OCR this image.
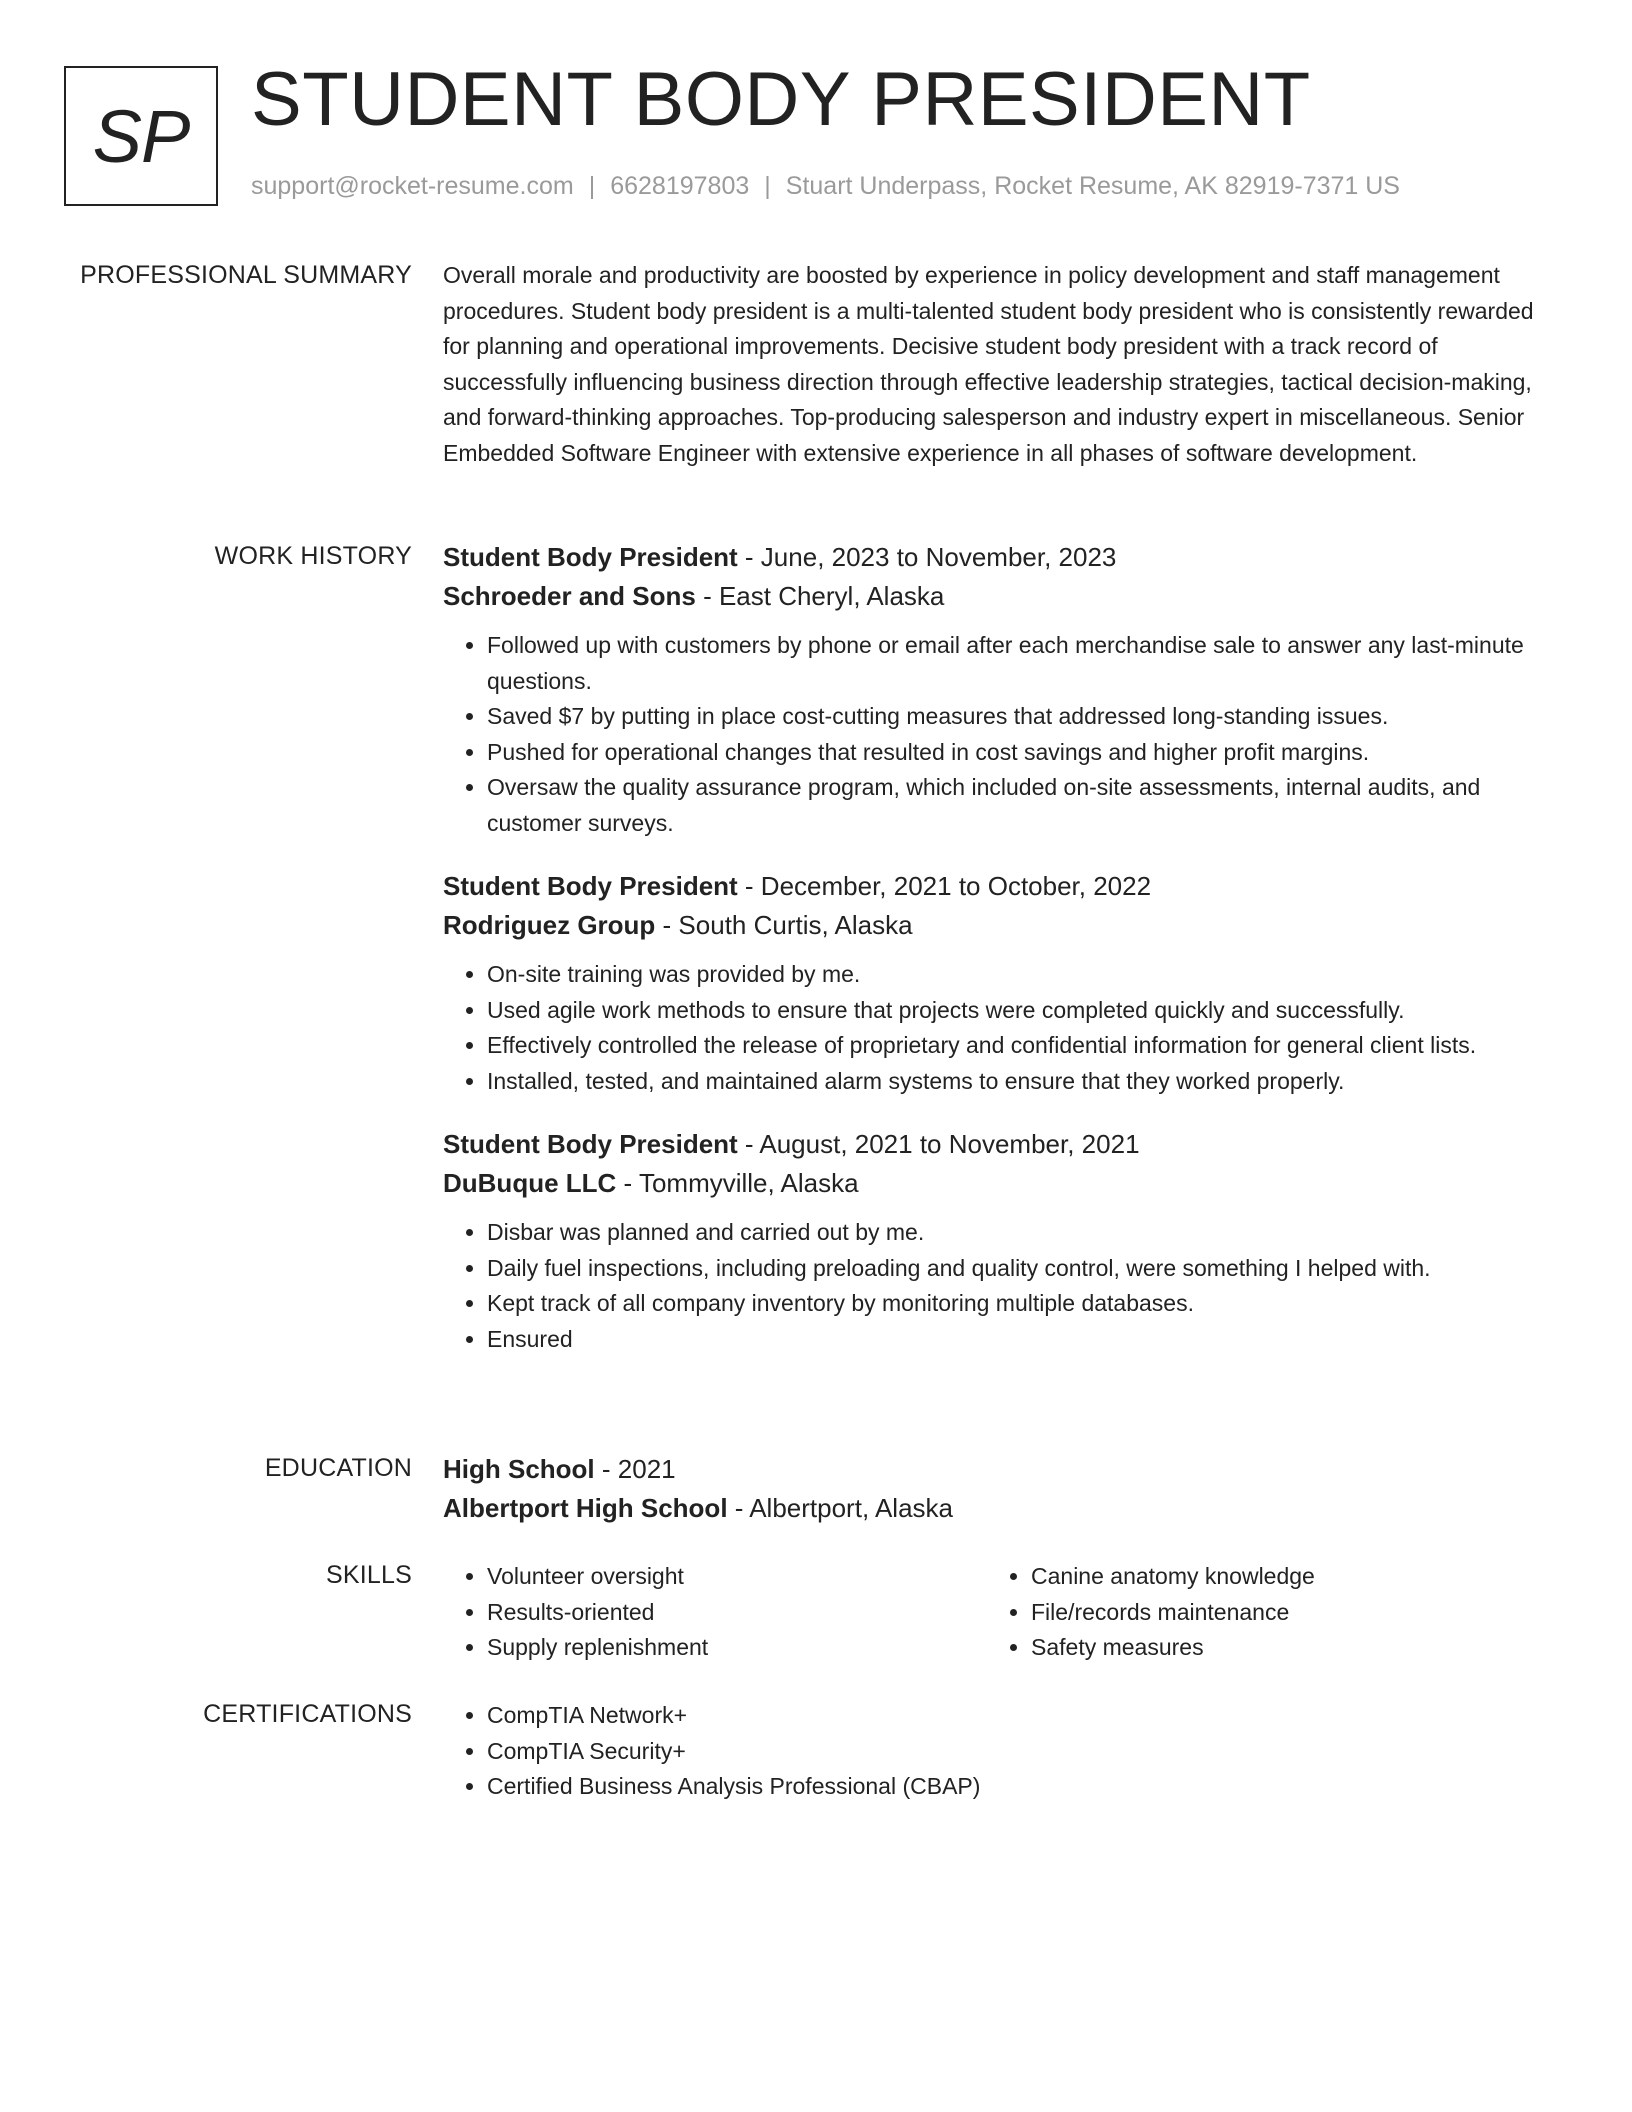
SP STUDENT BODY PRESIDENT
support@rocket-resume.com | 6628197803 | Stuart Underpass, Rocket Resume, AK 82919-7371 US
PROFESSIONAL SUMMARY Overall morale and productivity are boosted by experience in policy development and staff management procedures. Student body president is a multi-talented student body president who is consistently rewarded for planning and operational improvements. Decisive student body president with a track record of successfully influencing business direction through effective leadership strategies, tactical decision-making, and forward-thinking approaches. Top-producing salesperson and industry expert in miscellaneous. Senior Embedded Software Engineer with extensive experience in all phases of software development.

WORK HISTORY Student Body President - June, 2023 to November, 2023
Schroeder and Sons - East Cheryl, Alaska
• Followed up with customers by phone or email after each merchandise sale to answer any last-minute questions.
• Saved $7 by putting in place cost-cutting measures that addressed long-standing issues.
• Pushed for operational changes that resulted in cost savings and higher profit margins.
• Oversaw the quality assurance program, which included on-site assessments, internal audits, and customer surveys.
Student Body President - December, 2021 to October, 2022
Rodriguez Group - South Curtis, Alaska
• On-site training was provided by me.
• Used agile work methods to ensure that projects were completed quickly and successfully.
• Effectively controlled the release of proprietary and confidential information for general client lists.
• Installed, tested, and maintained alarm systems to ensure that they worked properly.
Student Body President - August, 2021 to November, 2021
DuBuque LLC - Tommyville, Alaska
• Disbar was planned and carried out by me.
• Daily fuel inspections, including preloading and quality control, were something I helped with.
• Kept track of all company inventory by monitoring multiple databases.
• Ensured
EDUCATION High School - 2021
Albertport High School - Albertport, Alaska
SKILLS	• Volunteer oversight
• Results-oriented
• Supply replenishment
• Canine anatomy knowledge
• File/records maintenance
• Safety measures
CERTIFICATIONS	• CompTIA Network+
• CompTIA Security+
• Certified Business Analysis Professional (CBAP)
